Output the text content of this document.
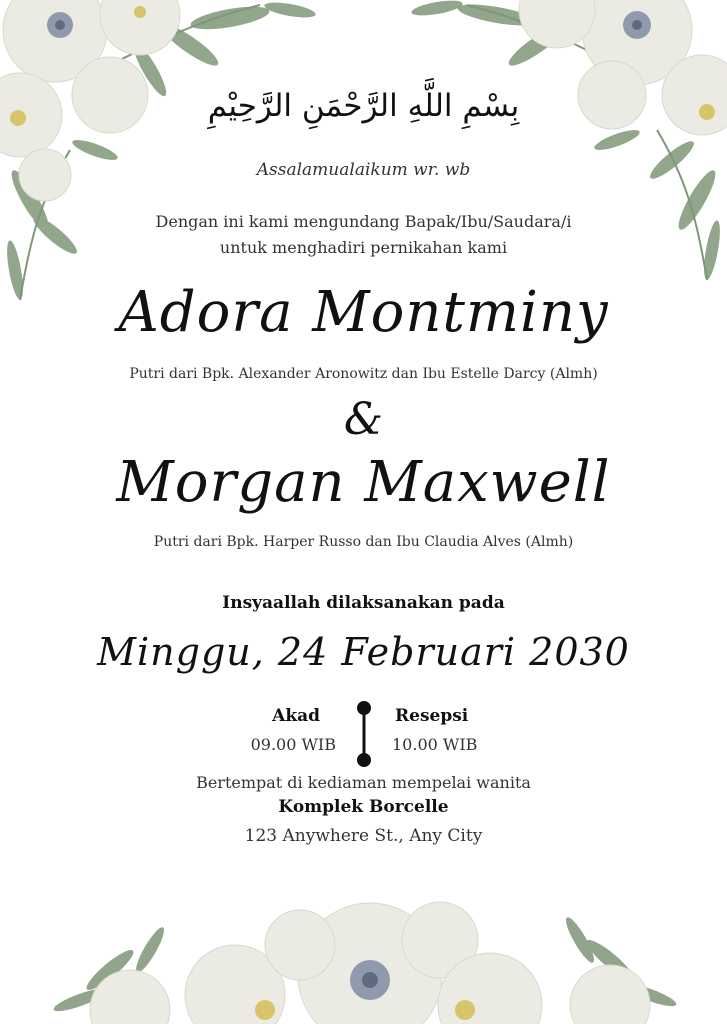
بِسْمِ اللَّهِ الرَّحْمَنِ الرَّحِيْمِ
Assalamualaikum wr. wb
Dengan ini kami mengundang Bapak/Ibu/Saudara/i
untuk menghadiri pernikahan kami
Adora Montminy
Putri dari Bpk. Alexander Aronowitz dan Ibu Estelle Darcy (Almh)
&
Morgan Maxwell
Putri dari Bpk. Harper Russo dan Ibu Claudia Alves (Almh)
Insyaallah dilaksanakan pada
Minggu, 24 Februari 2030
Akad
09.00 WIB
Resepsi
10.00 WIB
Bertempat di kediaman mempelai wanita
Komplek Borcelle
123 Anywhere St., Any City
